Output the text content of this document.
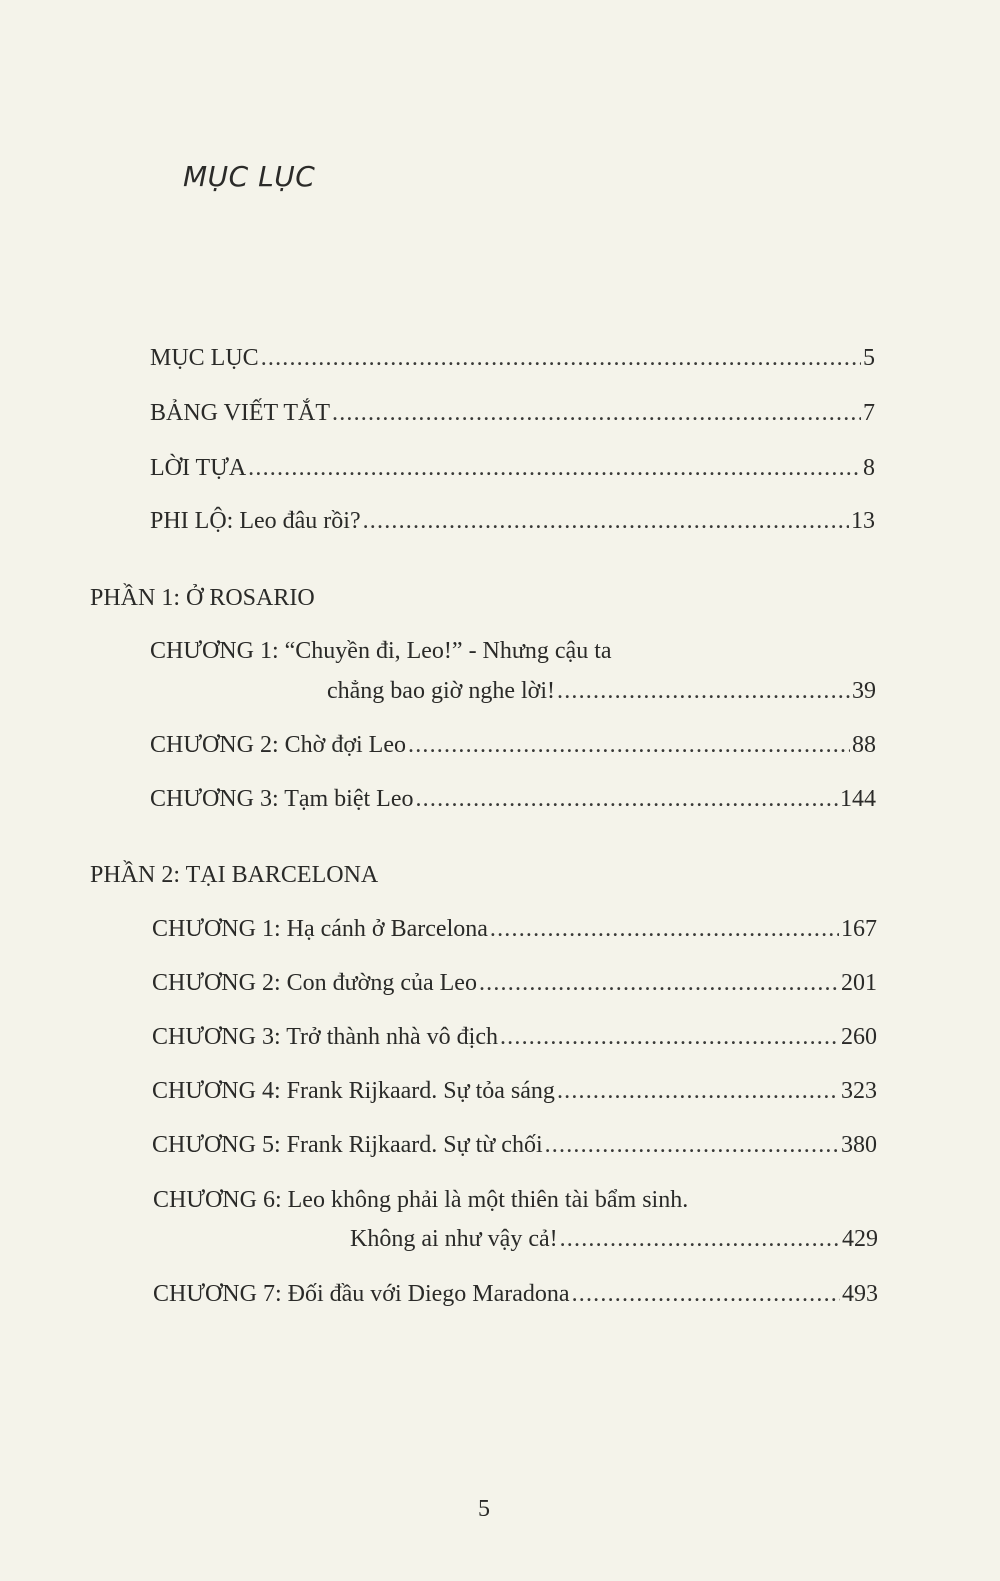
MỤC LỤC
MỤC LỤC .....	5
BẢNG VIẾT TẮT .....	7
LỜI TỰA .....	8
PHI LỘ: Leo đâu rồi? .....	13
PHẦN 1: Ở ROSARIO
CHƯƠNG 1: “Chuyền đi, Leo!” - Nhưng cậu ta
chẳng bao giờ nghe lời! .....	39
CHƯƠNG 2: Chờ đợi Leo .....	88
CHƯƠNG 3: Tạm biệt Leo .....	144
PHẦN 2: TẠI BARCELONA
CHƯƠNG 1: Hạ cánh ở Barcelona .....	167
CHƯƠNG 2: Con đường của Leo .....	201
CHƯƠNG 3: Trở thành nhà vô địch .....	260
CHƯƠNG 4: Frank Rijkaard. Sự tỏa sáng .....	323
CHƯƠNG 5: Frank Rijkaard. Sự từ chối .....	380
CHƯƠNG 6: Leo không phải là một thiên tài bẩm sinh.
Không ai như vậy cả! .....	429
CHƯƠNG 7: Đối đầu với Diego Maradona .....	493
5
